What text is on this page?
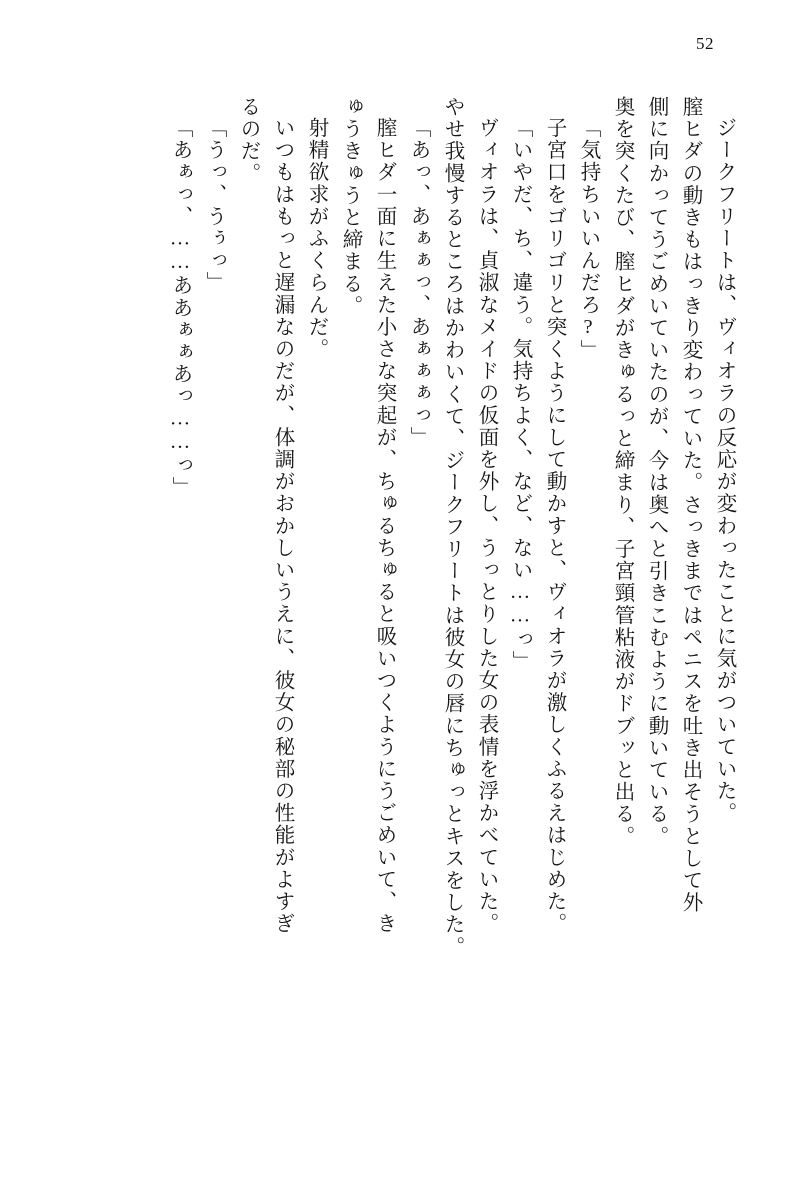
52
ジークフリートは、ヴィオラの反応が変わったことに気がついていた。
膣ヒダの動きもはっきり変わっていた。さっきまではペニスを吐き出そうとして外
側に向かってうごめいていたのが、今は奥へと引きこむように動いている。
奥を突くたび、膣ヒダがきゅるっと締まり、子宮頸管粘液がドブッと出る。
「気持ちいいんだろ?」
子宮口をゴリゴリと突くようにして動かすと、ヴィオラが激しくふるえはじめた。
「いやだ、ち、違う。気持ちよく、など、ない……っ」
ヴィオラは、貞淑なメイドの仮面を外し、うっとりした女の表情を浮かべていた。
やせ我慢するところはかわいくて、ジークフリートは彼女の唇にちゅっとキスをした。
「あっ、あぁぁっ、あぁぁぁっ」
膣ヒダ一面に生えた小さな突起が、ちゅるちゅると吸いつくようにうごめいて、き
ゅうきゅうと締まる。
射精欲求がふくらんだ。
いつもはもっと遅漏なのだが、体調がおかしいうえに、彼女の秘部の性能がよすぎ
るのだ。
「うっ、うぅっ」
「あぁっ、……ああぁぁあっ……っ」
